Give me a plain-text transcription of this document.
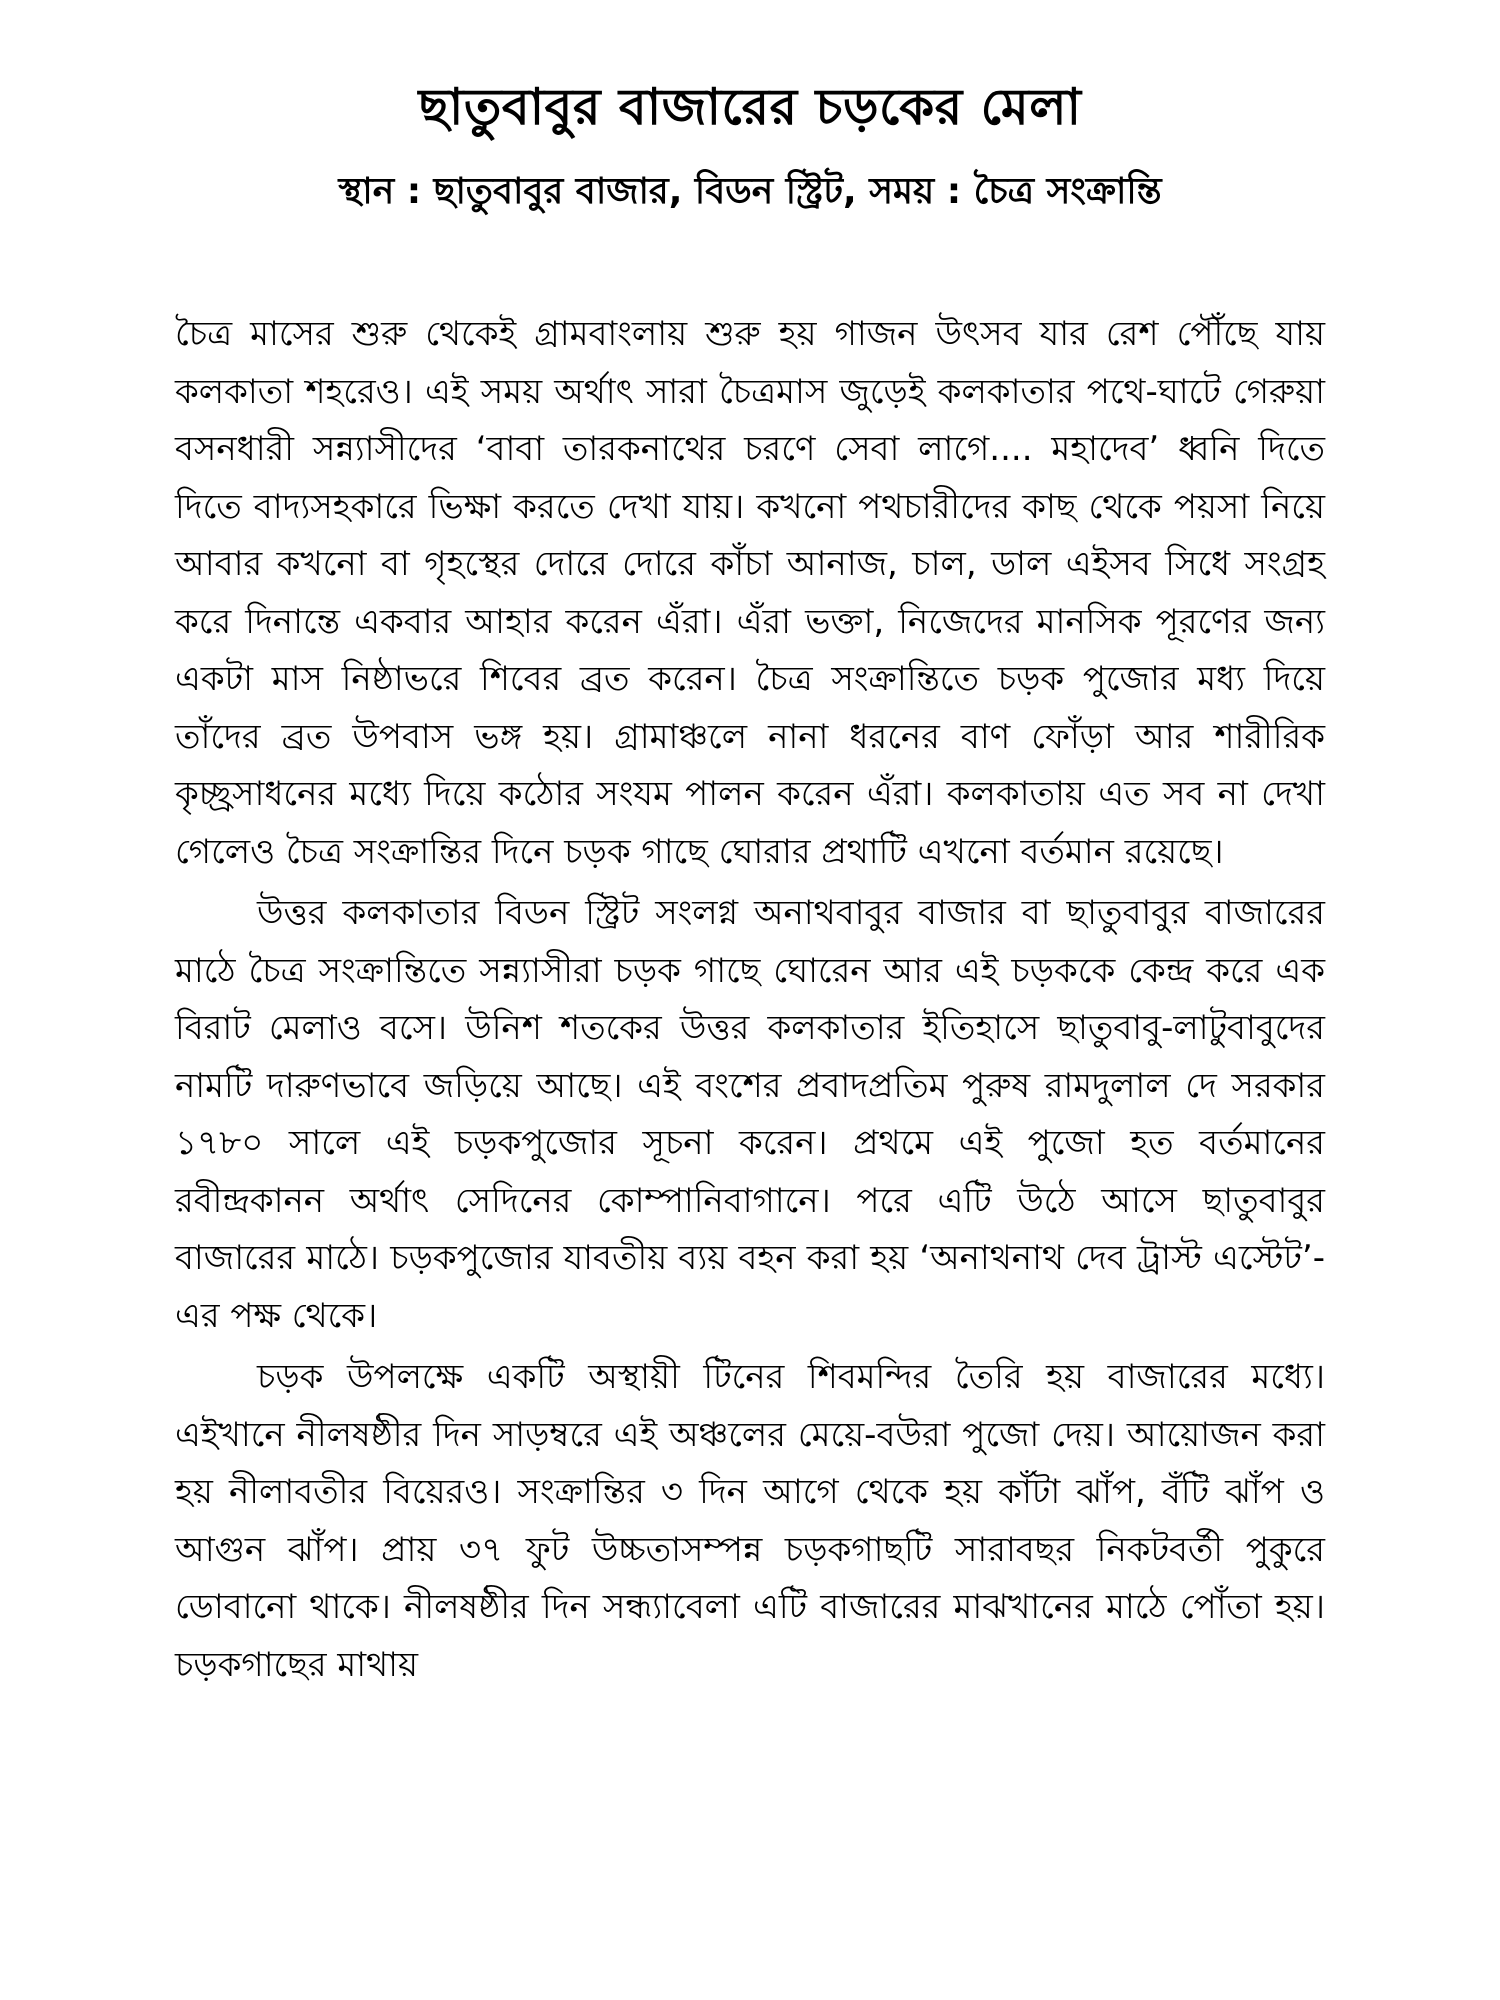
ছাতুবাবুর বাজারের চড়কের মেলা
স্থান : ছাতুবাবুর বাজার, বিডন স্ট্রিট, সময় : চৈত্র সংক্রান্তি

চৈত্র মাসের শুরু থেকেই গ্রামবাংলায় শুরু হয় গাজন উৎসব যার রেশ পৌঁছে যায় কলকাতা শহরেও। এই সময় অর্থাৎ সারা চৈত্রমাস জুড়েই কলকাতার পথে-ঘাটে গেরুয়া বসনধারী সন্ন্যাসীদের ‘বাবা তারকনাথের চরণে সেবা লাগে.... মহাদেব’ ধ্বনি দিতে দিতে বাদ্যসহকারে ভিক্ষা করতে দেখা যায়। কখনো পথচারীদের কাছ থেকে পয়সা নিয়ে আবার কখনো বা গৃহস্থের দোরে দোরে কাঁচা আনাজ, চাল, ডাল এইসব সিধে সংগ্রহ করে দিনান্তে একবার আহার করেন এঁরা। এঁরা ভক্তা, নিজেদের মানসিক পূরণের জন্য একটা মাস নিষ্ঠাভরে শিবের ব্রত করেন। চৈত্র সংক্রান্তিতে চড়ক পুজোর মধ্য দিয়ে তাঁদের ব্রত উপবাস ভঙ্গ হয়। গ্রামাঞ্চলে নানা ধরনের বাণ ফোঁড়া আর শারীরিক কৃচ্ছ্রসাধনের মধ্যে দিয়ে কঠোর সংযম পালন করেন এঁরা। কলকাতায় এত সব না দেখা গেলেও চৈত্র সংক্রান্তির দিনে চড়ক গাছে ঘোরার প্রথাটি এখনো বর্তমান রয়েছে।

উত্তর কলকাতার বিডন স্ট্রিট সংলগ্ন অনাথবাবুর বাজার বা ছাতুবাবুর বাজারের মাঠে চৈত্র সংক্রান্তিতে সন্ন্যাসীরা চড়ক গাছে ঘোরেন আর এই চড়ককে কেন্দ্র করে এক বিরাট মেলাও বসে। উনিশ শতকের উত্তর কলকাতার ইতিহাসে ছাতুবাবু-লাটুবাবুদের নামটি দারুণভাবে জড়িয়ে আছে। এই বংশের প্রবাদপ্রতিম পুরুষ রামদুলাল দে সরকার ১৭৮০ সালে এই চড়কপুজোর সূচনা করেন। প্রথমে এই পুজো হত বর্তমানের রবীন্দ্রকানন অর্থাৎ সেদিনের কোম্পানিবাগানে। পরে এটি উঠে আসে ছাতুবাবুর বাজারের মাঠে। চড়কপুজোর যাবতীয় ব্যয় বহন করা হয় ‘অনাথনাথ দেব ট্রাস্ট এস্টেট’-এর পক্ষ থেকে।

চড়ক উপলক্ষে একটি অস্থায়ী টিনের শিবমন্দির তৈরি হয় বাজারের মধ্যে। এইখানে নীলষষ্ঠীর দিন সাড়ম্বরে এই অঞ্চলের মেয়ে-বউরা পুজো দেয়। আয়োজন করা হয় নীলাবতীর বিয়েরও। সংক্রান্তির ৩ দিন আগে থেকে হয় কাঁটা ঝাঁপ, বঁটি ঝাঁপ ও আগুন ঝাঁপ। প্রায় ৩৭ ফুট উচ্চতাসম্পন্ন চড়কগাছটি সারাবছর নিকটবর্তী পুকুরে ডোবানো থাকে। নীলষষ্ঠীর দিন সন্ধ্যাবেলা এটি বাজারের মাঝখানের মাঠে পোঁতা হয়। চড়কগাছের মাথায়
